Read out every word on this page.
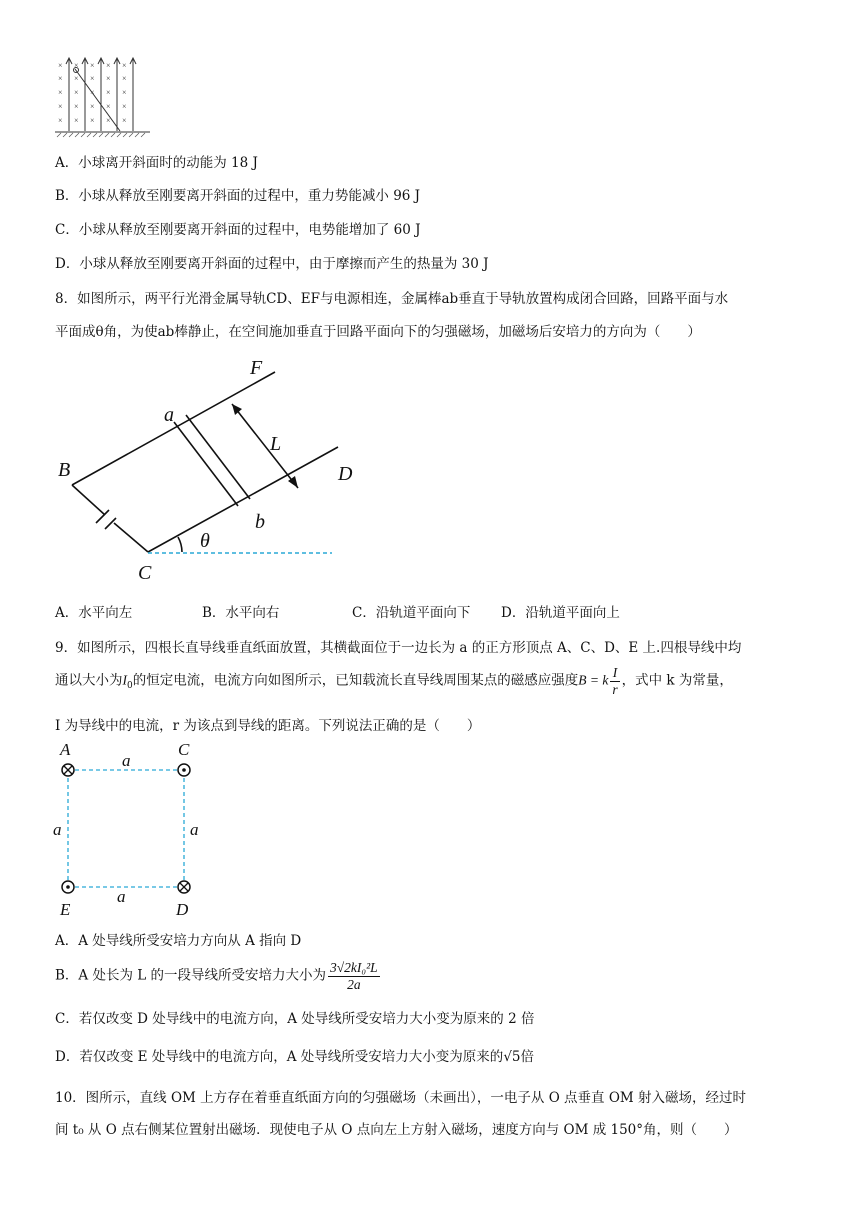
× × × × ×
× × × × ×
× × × × ×
× × × × ×
× × × × ×
A．小球离开斜面时的动能为 18 J
B．小球从释放至刚要离开斜面的过程中，重力势能减小 96 J
C．小球从释放至刚要离开斜面的过程中，电势能增加了 60 J
D．小球从释放至刚要离开斜面的过程中，由于摩擦而产生的热量为 30 J
8．如图所示，两平行光滑金属导轨CD、EF与电源相连，金属棒ab垂直于导轨放置构成闭合回路，回路平面与水
平面成θ角，为使ab棒静止，在空间施加垂直于回路平面向下的匀强磁场，加磁场后安培力的方向为（　　）
F
a
L
B	D
b
θ
C
A．水平向左	B．水平向右	C．沿轨道平面向下 D．沿轨道平面向上
9．如图所示，四根长直导线垂直纸面放置，其横截面位于一边长为 a 的正方形顶点 A、C、D、E 上.四根导线中均
通以大小为$I_0$的恒定电流，电流方向如图所示，已知载流长直导线周围某点的磁感应强度B = k $\frac{I}{r}$ ，式中 k 为常量，
I 为导线中的电流，r 为该点到导线的距离。下列说法正确的是（　　）
A	C
a
a	a
a
E	D
A．A 处导线所受安培力方向从 A 指向 D
B．A 处长为 L 的一段导线所受安培力大小为 $\frac{\text{3√2kI₀²L}}{2a}$
C．若仅改变 D 处导线中的电流方向，A 处导线所受安培力大小变为原来的 2 倍
D．若仅改变 E 处导线中的电流方向，A 处导线所受安培力大小变为原来的√5倍
10．图所示，直线 OM 上方存在着垂直纸面方向的匀强磁场（未画出），一电子从 O 点垂直 OM 射入磁场，经过时
间 t₀ 从 O 点右侧某位置射出磁场．现使电子从 O 点向左上方射入磁场，速度方向与 OM 成 150°角，则（　　）
